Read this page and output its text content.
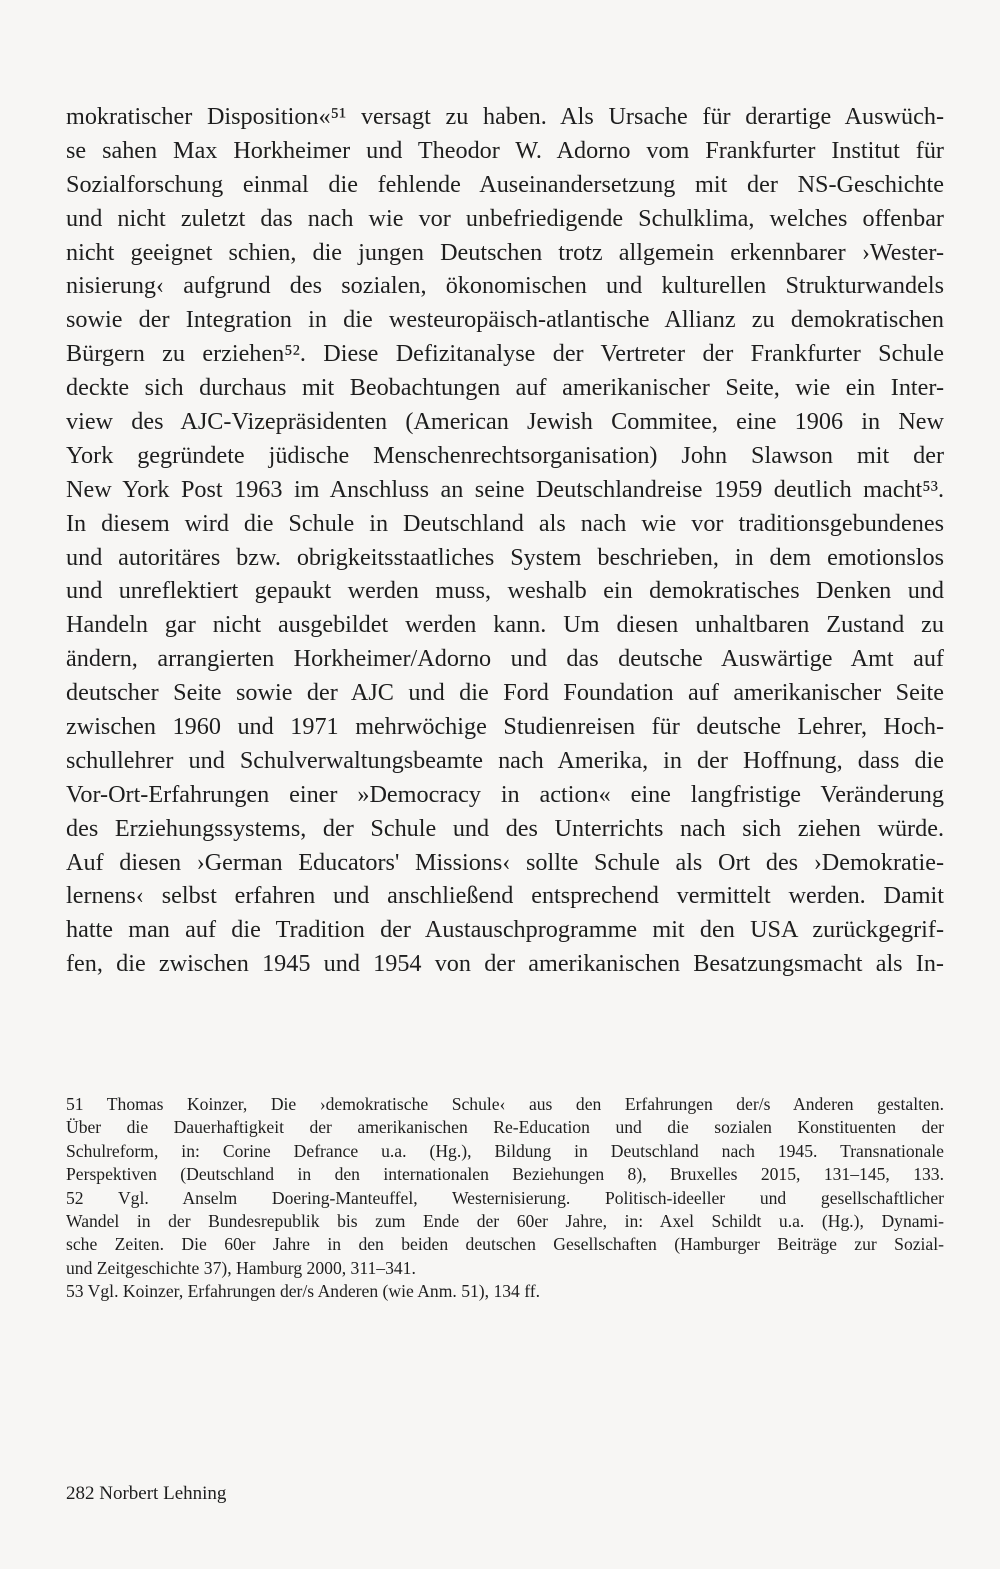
mokratischer Disposition«⁵¹ versagt zu haben. Als Ursache für derartige Auswüch-
se sahen Max Horkheimer und Theodor W. Adorno vom Frankfurter Institut für
Sozialforschung einmal die fehlende Auseinandersetzung mit der NS-Geschichte
und nicht zuletzt das nach wie vor unbefriedigende Schulklima, welches offenbar
nicht geeignet schien, die jungen Deutschen trotz allgemein erkennbarer ›Wester-
nisierung‹ aufgrund des sozialen, ökonomischen und kulturellen Strukturwandels
sowie der Integration in die westeuropäisch-atlantische Allianz zu demokratischen
Bürgern zu erziehen⁵². Diese Defizitanalyse der Vertreter der Frankfurter Schule
deckte sich durchaus mit Beobachtungen auf amerikanischer Seite, wie ein Inter-
view des AJC-Vizepräsidenten (American Jewish Commitee, eine 1906 in New
York gegründete jüdische Menschenrechtsorganisation) John Slawson mit der
New York Post 1963 im Anschluss an seine Deutschlandreise 1959 deutlich macht⁵³.
In diesem wird die Schule in Deutschland als nach wie vor traditionsgebundenes
und autoritäres bzw. obrigkeitsstaatliches System beschrieben, in dem emotionslos
und unreflektiert gepaukt werden muss, weshalb ein demokratisches Denken und
Handeln gar nicht ausgebildet werden kann. Um diesen unhaltbaren Zustand zu
ändern, arrangierten Horkheimer/Adorno und das deutsche Auswärtige Amt auf
deutscher Seite sowie der AJC und die Ford Foundation auf amerikanischer Seite
zwischen 1960 und 1971 mehrwöchige Studienreisen für deutsche Lehrer, Hoch-
schullehrer und Schulverwaltungsbeamte nach Amerika, in der Hoffnung, dass die
Vor-Ort-Erfahrungen einer »Democracy in action« eine langfristige Veränderung
des Erziehungssystems, der Schule und des Unterrichts nach sich ziehen würde.
Auf diesen ›German Educators' Missions‹ sollte Schule als Ort des ›Demokratie-
lernens‹ selbst erfahren und anschließend entsprechend vermittelt werden. Damit
hatte man auf die Tradition der Austauschprogramme mit den USA zurückgegrif-
fen, die zwischen 1945 und 1954 von der amerikanischen Besatzungsmacht als In-
51 Thomas Koinzer, Die ›demokratische Schule‹ aus den Erfahrungen der/s Anderen gestalten.
Über die Dauerhaftigkeit der amerikanischen Re-Education und die sozialen Konstituenten der
Schulreform, in: Corine Defrance u.a. (Hg.), Bildung in Deutschland nach 1945. Transnationale
Perspektiven (Deutschland in den internationalen Beziehungen 8), Bruxelles 2015, 131–145, 133.
52 Vgl. Anselm Doering-Manteuffel, Westernisierung. Politisch-ideeller und gesellschaftlicher
Wandel in der Bundesrepublik bis zum Ende der 60er Jahre, in: Axel Schildt u.a. (Hg.), Dynami-
sche Zeiten. Die 60er Jahre in den beiden deutschen Gesellschaften (Hamburger Beiträge zur Sozial-
und Zeitgeschichte 37), Hamburg 2000, 311–341.
53 Vgl. Koinzer, Erfahrungen der/s Anderen (wie Anm. 51), 134 ff.
282 Norbert Lehning
